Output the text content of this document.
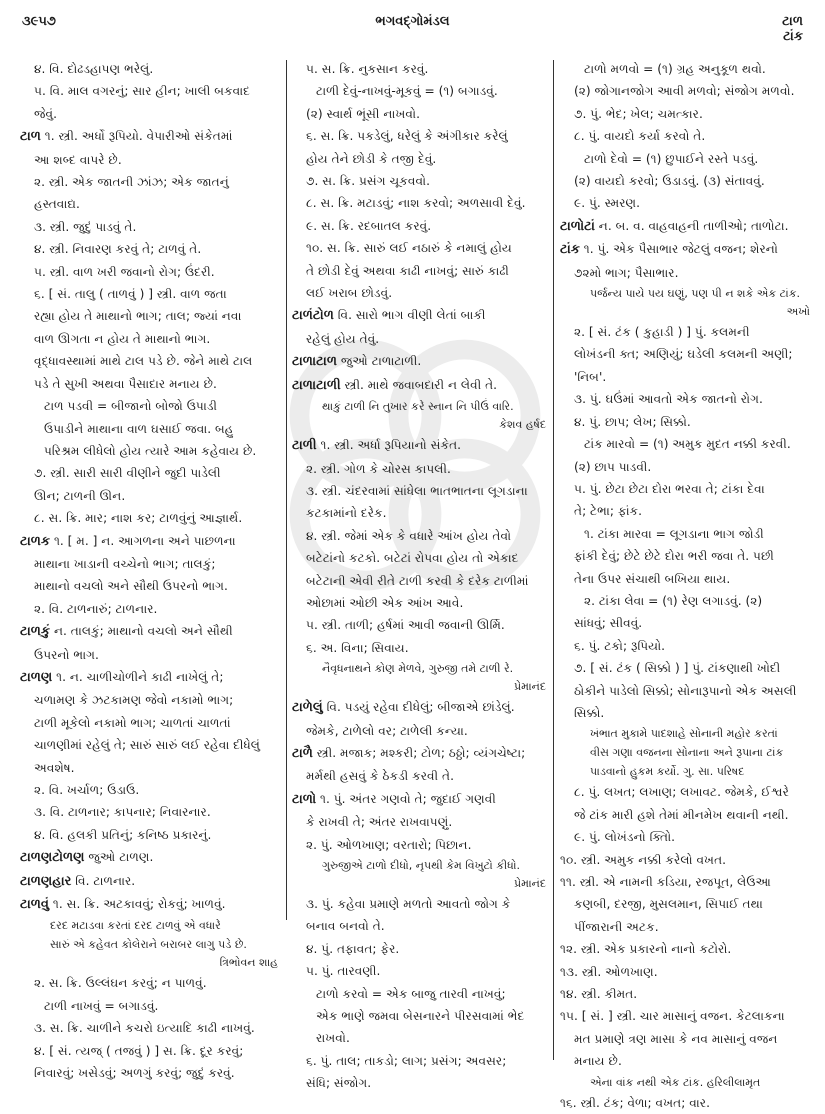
૩૯૫૭	ભગવદ્ગોમંડલ	ટાળ
ટાંક
૪. વિ. દોઢડહાપણ ભરેલું.
૫. વિ. માલ વગરનું; સાર હીન; ખાલી બકવાદ
જેવું.
ટાળ ૧. સ્ત્રી. અર્ધો રૂપિયો. વેપારીઓ સંકેતમાં
આ શબ્દ વાપરે છે.
૨. સ્ત્રી. એક જાતની ઝાંઝ; એક જાતનું
હસ્તવાદ્ય.
૩. સ્ત્રી. જુદું પાડવું તે.
૪. સ્ત્રી. નિવારણ કરવું તે; ટાળવું તે.
૫. સ્ત્રી. વાળ ખરી જવાનો રોગ; ઉંદરી.
૬. [ સં. તાલુ ( તાળવું ) ] સ્ત્રી. વાળ જતા
રહ્યા હોય તે માથાનો ભાગ; તાલ; જ્યાં નવા
વાળ ઊગતા ન હોય તે માથાનો ભાગ.
વૃદ્ધાવસ્થામાં માથે ટાલ પડે છે. જેને માથે ટાલ
પડે તે સુખી અથવા પૈસાદાર મનાય છે.
ટાળ પડવી = બીજાનો બોજો ઉપાડી
ઉપાડીને માથાના વાળ ઘસાઈ જવા. બહુ
પરિશ્રમ લીધેલો હોય ત્યારે આમ કહેવાય છે.
૭. સ્ત્રી. સારી સારી વીણીને જુદી પાડેલી
ઊન; ટાળની ઊન.
૮. સ. ક્રિ. માર; નાશ કર; ટાળવુંનું આજ્ઞાર્થ.
ટાળક ૧. [ મ. ] ન. આગળના અને પાછળના
માથાના ખાડાની વચ્ચેનો ભાગ; તાલકું;
માથાનો વચલો અને સૌથી ઉપરનો ભાગ.
૨. વિ. ટાળનારું; ટાળનાર.
ટાળકું ન. તાલકું; માથાનો વચલો અને સૌથી
ઉપરનો ભાગ.
ટાળણ ૧. ન. ચાળીચોળીને કાઢી નાખેલું તે;
ચળામણ કે ઝટકામણ જેવો નકામો ભાગ;
ટાળી મૂકેલો નકામો ભાગ; ચાળતાં ચાળતાં
ચાળણીમાં રહેલું તે; સારું સારું લઈ રહેવા દીધેલું
અવશેષ.
૨. વિ. ખર્ચાળ; ઉડાઉ.
૩. વિ. ટાળનાર; કાપનાર; નિવારનાર.
૪. વિ. હલકી પ્રતિનું; કનિષ્ઠ પ્રકારનું.
ટાળણટોળણ જુઓ ટાળણ.
ટાળણહાર વિ. ટાળનાર.
ટાળવું ૧. સ. ક્રિ. અટકાવવું; રોકવું; ખાળવું.
દરદ મટાડવા કરતાં દરદ ટાળવું એ વધારે
સારું એ કહેવત કોલેરાને બરાબર લાગુ પડે છે.
ત્રિભોવન શાહ
૨. સ. ક્રિ. ઉલ્લંઘન કરવું; ન પાળવું.
ટાળી નાખવું = બગાડવું.
૩. સ. ક્રિ. ચાળીને કચરો ઇત્યાદિ કાઢી નાખવું.
૪. [ સં. ત્યજ્ ( તજવું ) ] સ. ક્રિ. દૂર કરવું;
નિવારવું; ખસેડવું; અળગું કરવું; જુદું કરવું.
૫. સ. ક્રિ. નુકસાન કરવું.
ટાળી દેવું-નાખવું-મૂકવું = (૧) બગાડવું.
(૨) સ્વાર્થ ભૂંસી નાખવો.
૬. સ. ક્રિ. પકડેલું, ધરેલું કે અંગીકાર કરેલું
હોય તેને છોડી કે તજી દેવું.
૭. સ. ક્રિ. પ્રસંગ ચૂકવવો.
૮. સ. ક્રિ. મટાડવું; નાશ કરવો; અળસાવી દેવું.
૯. સ. ક્રિ. રદબાતલ કરવું.
૧૦. સ. ક્રિ. સારું લઈ નઠારું કે નમાલું હોય
તે છોડી દેવું અથવા કાઢી નાખવું; સારું કાઢી
લઈ ખરાબ છોડવું.
ટાળંટોળ વિ. સારો ભાગ વીણી લેતાં બાકી
રહેલું હોય તેવું.
ટાળાટાળ જુઓ ટાળાટાળી.
ટાળાટાળી સ્ત્રી. માથે જવાબદારી ન લેવી તે.
થાકું ટાળી નિ તુખાર કરે સ્નાન નિ પીઉં વારિ.
કેશવ હર્ષદ
ટાળી ૧. સ્ત્રી. અર્ધા રૂપિયાનો સંકેત.
૨. સ્ત્રી. ગોળ કે ચોરસ કાપલી.
૩. સ્ત્રી. ચંદરવામાં સાંધેલા ભાતભાતના લૂગડાના
કટકામાંનો દરેક.
૪. સ્ત્રી. જેમાં એક કે વધારે આંખ હોય તેવો
બટેટાંનો કટકો. બટેટાં રોપવા હોય તો એકાદ
બટેટાની એવી રીતે ટાળી કરવી કે દરેક ટાળીમાં
ઓછામાં ઓછી એક આંખ આવે.
૫. સ્ત્રી. તાળી; હર્ષમાં આવી જવાની ઊર્મિ.
૬. અ. વિના; સિવાય.
નૈવૃધનાથને કોણ મેળવે, ગુરુજી તમે ટાળી રે.
પ્રેમાનંદ
ટાળેલું વિ. પડયું રહેવા દીધેલું; બીજાએ છાંડેલું.
જેમકે, ટાળેલો વર; ટાળેલી કન્યા.
ટાળૈ સ્ત્રી. મજાક; મશ્કરી; ટોળ; ઠઠ્ઠો; વ્યંગચેષ્ટા;
મર્મથી હસવું કે ઠેકડી કરવી તે.
ટાળો ૧. પું. અંતર ગણવો તે; જુદાઈ ગણવી
કે રાખવી તે; અંતર રાખવાપણું.
૨. પું. ઓળખાણ; વરતારો; પિછાન.
ગુરુજીએ ટાળો દીધો, નૃપથી કેમ વિખુટો કીધો.
પ્રેમાનંદ
૩. પું. કહેવા પ્રમાણે મળતો આવતો જોગ કે
બનાવ બનવો તે.
૪. પું. તફાવત; ફેર.
૫. પું. તારવણી.
ટાળો કરવો = એક બાજુ તારવી નાખવું;
એક ભાણે જમવા બેસનારને પીરસવામાં ભેદ
રાખવો.
૬. પું. તાલ; તાકડો; લાગ; પ્રસંગ; અવસર;
સંધિ; સંજોગ.
ટાળો મળવો = (૧) ગ્રહ અનુકૂળ થવો.
(૨) જોગાનજોગ આવી મળવો; સંજોગ મળવો.
૭. પું. ભેદ; ખેલ; ચમત્કાર.
૮. પું. વાયદો કર્યા કરવો તે.
ટાળો દેવો = (૧) છુપાઈને રસ્તે પડવું.
(૨) વાયદો કરવો; ઉડાડવું. (૩) સંતાવવું.
૯. પું. સ્મરણ.
ટાળોટાં ન. બ. વ. વાહવાહની તાળીઓ; તાળોટા.
ટાંક ૧. પું. એક પૈસાભાર જેટલું વજન; શેરનો
૭૨મો ભાગ; પૈસાભાર.
પર્જન્ય પાયે પય ઘણું, પણ પી ન શકે એક ટાંક.
અખો
૨. [ સં. ટંક ( કુહાડી ) ] પું. કલમની
લોખંડની ક્ત; અણિયું; ઘડેલી કલમની અણી;
'નિબ'.
૩. પું. ઘઉંમાં આવતો એક જાતનો રોગ.
૪. પું. છાપ; લેખ; સિક્કો.
ટાંક મારવો = (૧) અમુક મુદત નક્કી કરવી.
(૨) છાપ પાડવી.
૫. પું. છેટા છેટા દોરા ભરવા તે; ટાંકા દેવા
તે; ટેભા; ફાંક.
૧. ટાંકા મારવા = લૂગડાના ભાગ જોડી
ફાંકી દેવું; છેટે છેટે દોરા ભરી જવા તે. પછી
તેના ઉપર સંચાથી બખિયા થાય.
૨. ટાંકા લેવા = (૧) રેણ લગાડવું. (૨)
સાંધવું; સીવવું.
૬. પું. ટકો; રૂપિયો.
૭. [ સં. ટંક ( સિક્કો ) ] પું. ટાંકણાથી ખોદી
ઠોકીને પાડેલો સિક્કો; સોનારૂપાનો એક અસલી
સિક્કો.
ખંભાત મુકામે પાદશાહે સોનાની મહોર કરતાં
વીસ ગણા વજનના સોનાના અને રૂપાના ટાંક
પાડવાનો હુકમ કર્યો. ગુ. સા. પરિષદ
૮. પું. લખત; લખાણ; લખાવટ. જેમકે, ઈશ્વરે
જે ટાંક મારી હશે તેમાં મીનમેખ થવાની નથી.
૯. પું. લોખંડનો ક્તિો.
૧૦. સ્ત્રી. અમુક નક્કી કરેલો વખત.
૧૧. સ્ત્રી. એ નામની કડિયા, રજપૂત, લેઉઆ
કણબી, દરજી, મુસલમાન, સિપાઈ તથા
પીંજારાની અટક.
૧૨. સ્ત્રી. એક પ્રકારનો નાનો કટોરો.
૧૩. સ્ત્રી. ઓળખાણ.
૧૪. સ્ત્રી. કીમત.
૧૫. [ સં. ] સ્ત્રી. ચાર માસાનું વજન. કેટલાકના
મત પ્રમાણે ત્રણ માસા કે નવ માસાનું વજન
મનાય છે.
એના વાંક નથી એક ટાંક. હરિલીલામૃત
૧૬. સ્ત્રી. ટંક; વેળા; વખત; વાર.
